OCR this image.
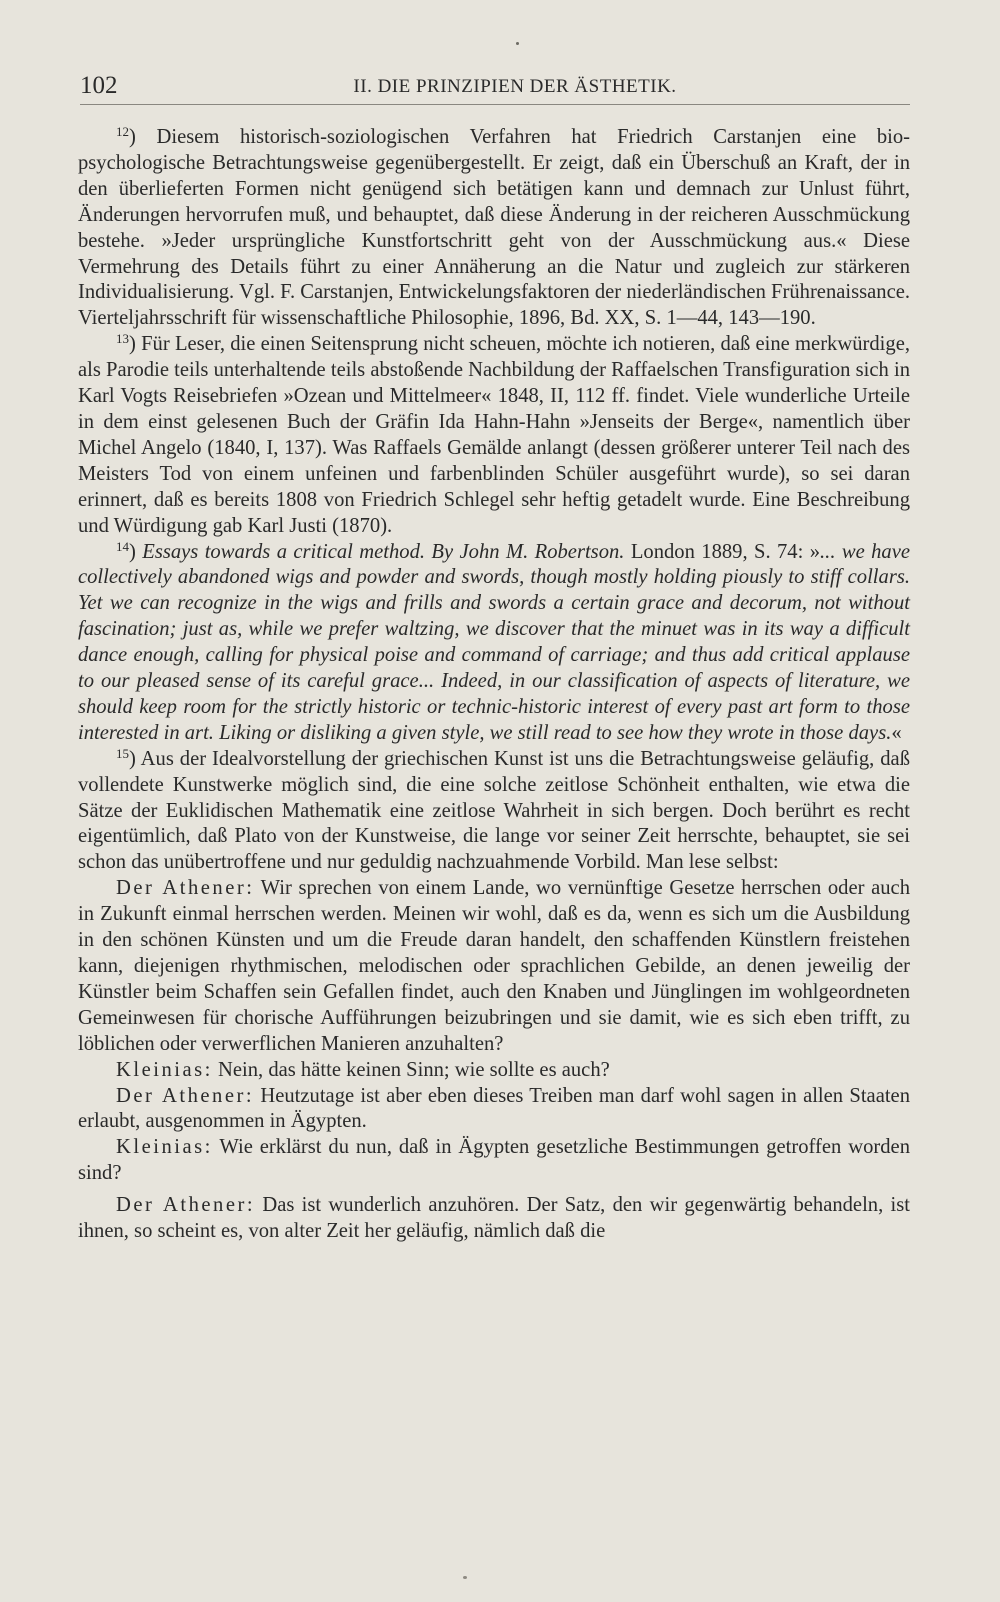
102	II. DIE PRINZIPIEN DER ÄSTHETIK.

$^{12}$) Diesem historisch-soziologischen Verfahren hat Friedrich Carstanjen eine bio-psychologische Betrachtungsweise gegenübergestellt. Er zeigt, daß ein Überschuß an Kraft, der in den überlieferten Formen nicht genügend sich betätigen kann und demnach zur Unlust führt, Änderungen hervorrufen muß, und behauptet, daß diese Änderung in der reicheren Ausschmückung bestehe. »Jeder ursprüngliche Kunstfortschritt geht von der Ausschmückung aus.« Diese Vermehrung des Details führt zu einer Annäherung an die Natur und zugleich zur stärkeren Individualisierung. Vgl. F. Carstanjen, Entwickelungsfaktoren der niederländischen Frührenaissance. Vierteljahrsschrift für wissenschaftliche Philosophie, 1896, Bd. XX, S. 1—44, 143—190.

$^{13}$) Für Leser, die einen Seitensprung nicht scheuen, möchte ich notieren, daß eine merkwürdige, als Parodie teils unterhaltende teils abstoßende Nachbildung der Raffaelschen Transfiguration sich in Karl Vogts Reisebriefen »Ozean und Mittelmeer« 1848, II, 112 ff. findet. Viele wunderliche Urteile in dem einst gelesenen Buch der Gräfin Ida Hahn-Hahn »Jenseits der Berge«, namentlich über Michel Angelo (1840, I, 137). Was Raffaels Gemälde anlangt (dessen größerer unterer Teil nach des Meisters Tod von einem unfeinen und farbenblinden Schüler ausgeführt wurde), so sei daran erinnert, daß es bereits 1808 von Friedrich Schlegel sehr heftig getadelt wurde. Eine Beschreibung und Würdigung gab Karl Justi (1870).

$^{14}$) Essays towards a critical method. By John M. Robertson. London 1889, S. 74: »... we have collectively abandoned wigs and powder and swords, though mostly holding piously to stiff collars. Yet we can recognize in the wigs and frills and swords a certain grace and decorum, not without fascination; just as, while we prefer waltzing, we discover that the minuet was in its way a difficult dance enough, calling for physical poise and command of carriage; and thus add critical applause to our pleased sense of its careful grace... Indeed, in our classification of aspects of literature, we should keep room for the strictly historic or technic-historic interest of every past art form to those interested in art. Liking or disliking a given style, we still read to see how they wrote in those days.«

$^{15}$) Aus der Idealvorstellung der griechischen Kunst ist uns die Betrachtungsweise geläufig, daß vollendete Kunstwerke möglich sind, die eine solche zeitlose Schönheit enthalten, wie etwa die Sätze der Euklidischen Mathematik eine zeitlose Wahrheit in sich bergen. Doch berührt es recht eigentümlich, daß Plato von der Kunstweise, die lange vor seiner Zeit herrschte, behauptet, sie sei schon das unübertroffene und nur geduldig nachzuahmende Vorbild. Man lese selbst:

Der Athener: Wir sprechen von einem Lande, wo vernünftige Gesetze herrschen oder auch in Zukunft einmal herrschen werden. Meinen wir wohl, daß es da, wenn es sich um die Ausbildung in den schönen Künsten und um die Freude daran handelt, den schaffenden Künstlern freistehen kann, diejenigen rhythmischen, melodischen oder sprachlichen Gebilde, an denen jeweilig der Künstler beim Schaffen sein Gefallen findet, auch den Knaben und Jünglingen im wohlgeordneten Gemeinwesen für chorische Aufführungen beizubringen und sie damit, wie es sich eben trifft, zu löblichen oder verwerflichen Manieren anzuhalten?

Kleinias: Nein, das hätte keinen Sinn; wie sollte es auch?

Der Athener: Heutzutage ist aber eben dieses Treiben man darf wohl sagen in allen Staaten erlaubt, ausgenommen in Ägypten.

Kleinias: Wie erklärst du nun, daß in Ägypten gesetzliche Bestimmungen getroffen worden sind?

Der Athener: Das ist wunderlich anzuhören. Der Satz, den wir gegenwärtig behandeln, ist ihnen, so scheint es, von alter Zeit her geläufig, nämlich daß die
